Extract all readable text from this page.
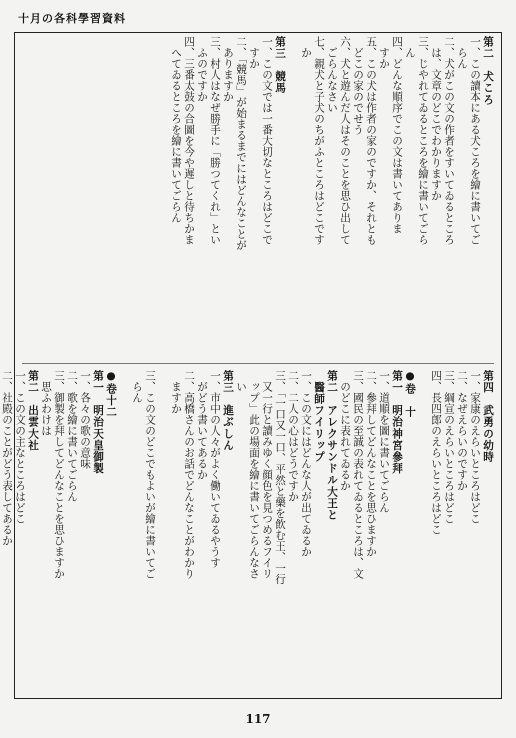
十月の各科學習資料
第二　犬ころ
一、この讀本にある犬ころを繪に書いてご
　らん
二、犬がこの文の作者をすいてゐるところ
　は、文章のどこでわかりますか
三、じやれてゐるところを繪に書いてごら
　ん
四、どんな順序でこの文は書いてありま
　すか
五、この犬は作者の家のですか、それとも
　どこの家のでせう
六、犬と遊んだ人はそのことを思ひ出して
　ごらんなさい
七、親犬と子犬のちがふところはどこです
　か

第三　競馬
一、この文では一番大切なところはどこで
　すか
二、「競馬」が始まるまでにはどんなことが
　ありますか
三、村人はなぜ勝手に「勝つてくれ」とい
　ふのですか
四、三番太鼓の合圖を今や遲しと待ちかま
　へてゐるところを繪に書いてごらん
第四　武勇の幼時
一、家康のえらいところはどこ
二、なぜえらいのですか
三、綱宣のえらいところはどこ
四、長四郎のえらいところはどこ

●卷　十
第一　明治神宮參拜
一、道順を圖に書いてごらん
二、參拜してどんなことを思ひますか
三、國民の至誠の表れてゐるところは、文
　のどこに表れてゐるか
第二　アレクサンドル大王と
　醫師フイリップ
一、この文にはどんな人が出てゐるか
二、二人の心はどうですか
三、「一口又一口、平然と藥を飲む王、一行
　又一行と讀みゆく顔色を見つめるフイリ
　ップ」此の場面を繪に書いてごらんなさ
　い
第三　進ぶしん
一、市中の人々がよく働いてゐるやうす
　がどう書いてあるか
二、高橋さんのお話でどんなことがわかり
　ますか

三、この文のどこでもよいが繪に書いてご
　らん

●卷十二
第一　明治天皇御製
一、各々の歌の意味
二、歌を繪に書いてごらん
三、御製を拜してどんなことを思ひますか
　思ふわけは
第二　出雲大社
一、この文の主なところはどこ
二、社殿のことがどう表してあるか
117
